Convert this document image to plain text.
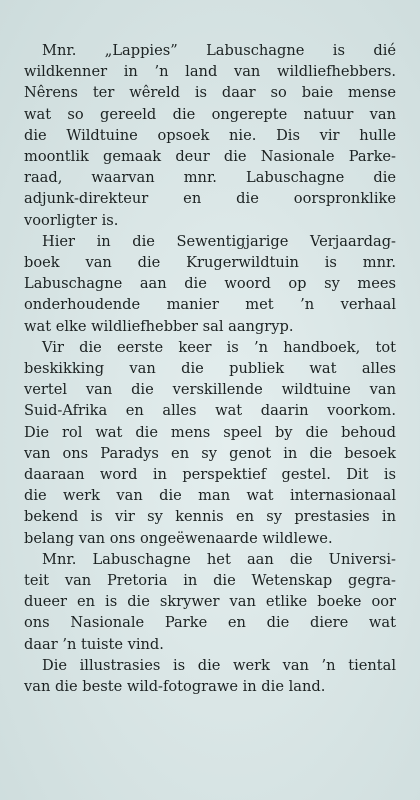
Mnr. „Lappies” Labuschagne is dié
wildkenner in ’n land van wildliefhebbers.
Nêrens ter wêreld is daar so baie mense
wat so gereeld die ongerepte natuur van
die Wildtuine opsoek nie. Dis vir hulle
moontlik gemaak deur die Nasionale Parke-
raad, waarvan mnr. Labuschagne die
adjunk-direkteur en die oorspronklike
voorligter is.
Hier in die Sewentigjarige Verjaardag-
boek van die Krugerwildtuin is mnr.
Labuschagne aan die woord op sy mees
onderhoudende manier met ’n verhaal
wat elke wildliefhebber sal aangryp.
Vir die eerste keer is ’n handboek, tot
beskikking van die publiek wat alles
vertel van die verskillende wildtuine van
Suid-Afrika en alles wat daarin voorkom.
Die rol wat die mens speel by die behoud
van ons Paradys en sy genot in die besoek
daaraan word in perspektief gestel. Dit is
die werk van die man wat internasionaal
bekend is vir sy kennis en sy prestasies in
belang van ons ongeëwenaarde wildlewe.
Mnr. Labuschagne het aan die Universi-
teit van Pretoria in die Wetenskap gegra-
dueer en is die skrywer van etlike boeke oor
ons Nasionale Parke en die diere wat
daar ’n tuiste vind.
Die illustrasies is die werk van ’n tiental
van die beste wild-fotograwe in die land.
